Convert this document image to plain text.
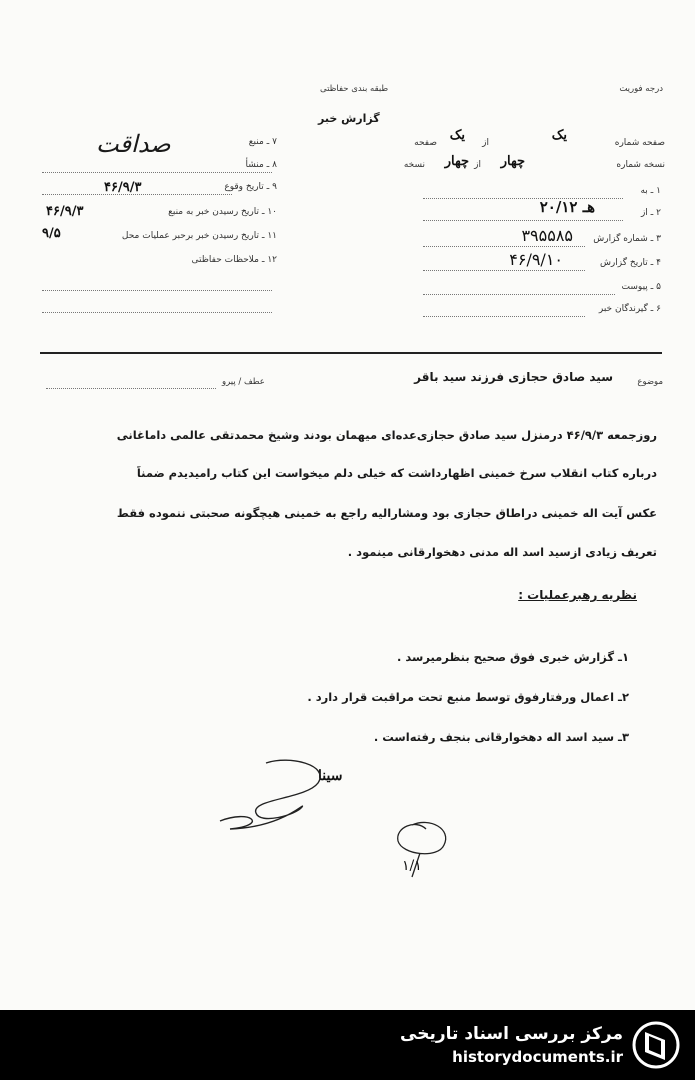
درجه فوریت
طبقه بندی حفاظتی
گزارش خبر
صفحه شماره
یک
از
یک
صفحه
نسخه شماره
چهار
از
چهار
نسخه
۱ ـ به
۲ ـ از
۲۰/۱۲ هـ
۳ ـ شماره گزارش
۳۹۵۵۸۵
۴ ـ تاریخ گزارش
۴۶/۹/۱۰
۵ ـ پیوست
۶ ـ گیرندگان خبر
۷ ـ منبع
صداقت
۸ ـ منشأ
۹ ـ تاریخ وقوع
۴۶/۹/۳
۱۰ ـ تاریخ رسیدن خبر به منبع
۴۶/۹/۳
۱۱ ـ تاریخ رسیدن خبر برحبر عملیات محل
۹/۵
۱۲ ـ ملاحظات حفاظتی
موضوع
سید صادق حجازی فرزند سید باقر
عطف / پیرو
روزجمعه ۴۶/۹/۳ درمنزل سید صادق حجازی‌عده‌ای میهمان بودند وشیخ محمدتقی عالمی داماغانی
درباره کتاب انقلاب سرخ خمینی اظهارداشت که خیلی دلم میخواست این کتاب رامیدیدم ضمناً
عکس آیت اله خمینی دراطاق حجازی بود ومشارالیه راجع به خمینی هیچگونه صحبتی ننموده فقط
تعریف زیادی ازسید اسد اله مدنی دهخوارقانی مینمود .
نظریه رهبرعملیات :
۱ـ گزارش خبری فوق صحیح بنظرمیرسد .
۲ـ اعمال ورفتارفوق توسط منبع تحت مراقبت قرار دارد .
۳ـ سید اسد اله دهخوارقانی بنجف رفته‌است .
سینا
۱/۱
مرکز بررسی اسناد تاریخی
historydocuments.ir
